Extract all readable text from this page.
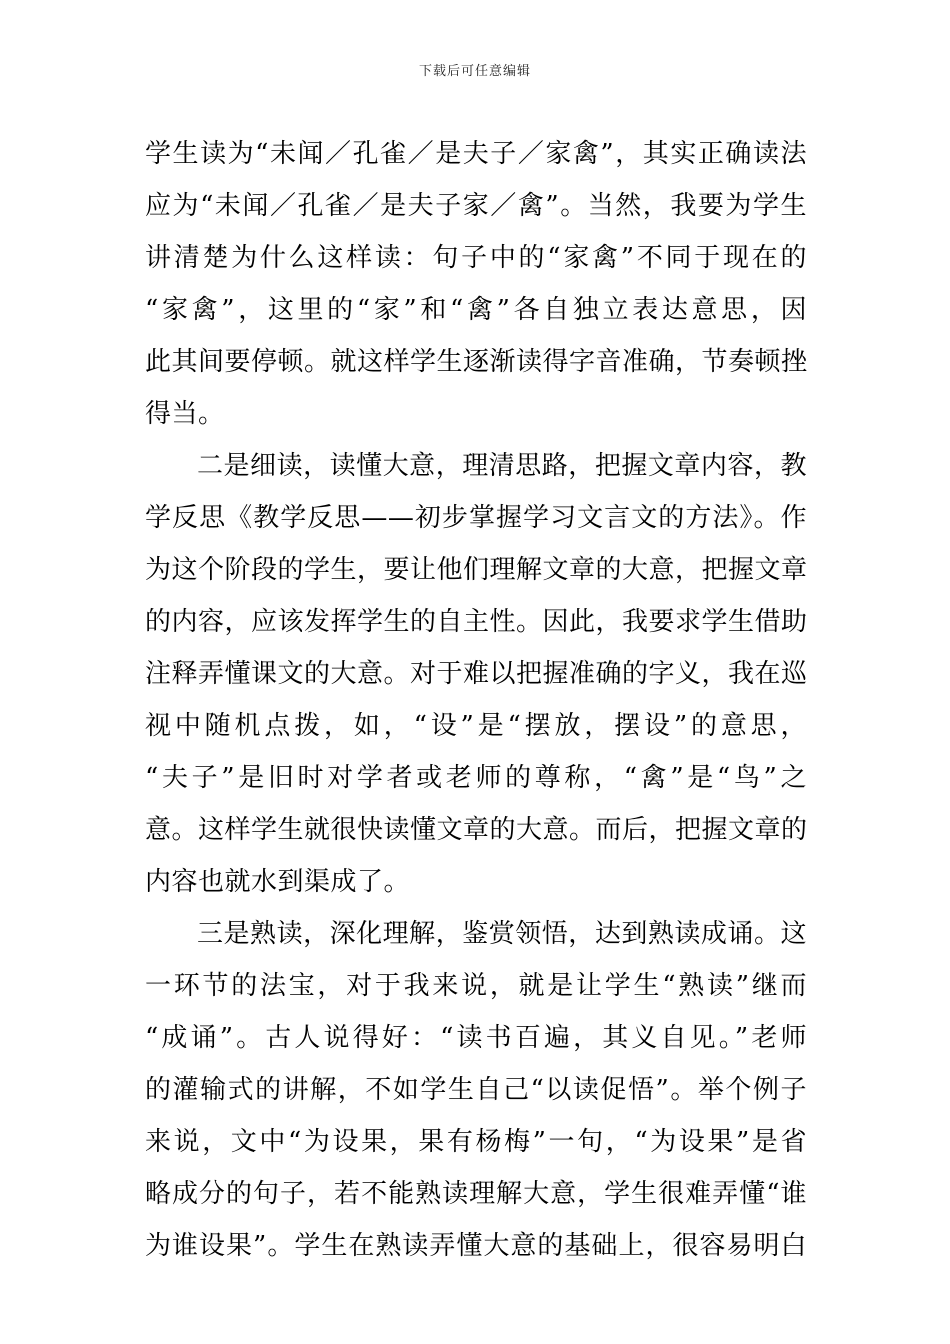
下载后可任意编辑
学生读为“未闻／孔雀／是夫子／家禽”，其实正确读法
应为“未闻／孔雀／是夫子家／禽”。当然，我要为学生
讲清楚为什么这样读：句子中的“家禽”不同于现在的
“家禽”，这里的“家”和“禽”各自独立表达意思，因
此其间要停顿。就这样学生逐渐读得字音准确，节奏顿挫
得当。
二是细读，读懂大意，理清思路，把握文章内容，教
学反思《教学反思——初步掌握学习文言文的方法》。作
为这个阶段的学生，要让他们理解文章的大意，把握文章
的内容，应该发挥学生的自主性。因此，我要求学生借助
注释弄懂课文的大意。对于难以把握准确的字义，我在巡
视中随机点拨，如，“设”是“摆放，摆设”的意思，
“夫子”是旧时对学者或老师的尊称，“禽”是“鸟”之
意。这样学生就很快读懂文章的大意。而后，把握文章的
内容也就水到渠成了。
三是熟读，深化理解，鉴赏领悟，达到熟读成诵。这
一环节的法宝，对于我来说，就是让学生“熟读”继而
“成诵”。古人说得好：“读书百遍，其义自见。”老师
的灌输式的讲解，不如学生自己“以读促悟”。举个例子
来说，文中“为设果，果有杨梅”一句，“为设果”是省
略成分的句子，若不能熟读理解大意，学生很难弄懂“谁
为谁设果”。学生在熟读弄懂大意的基础上，很容易明白
